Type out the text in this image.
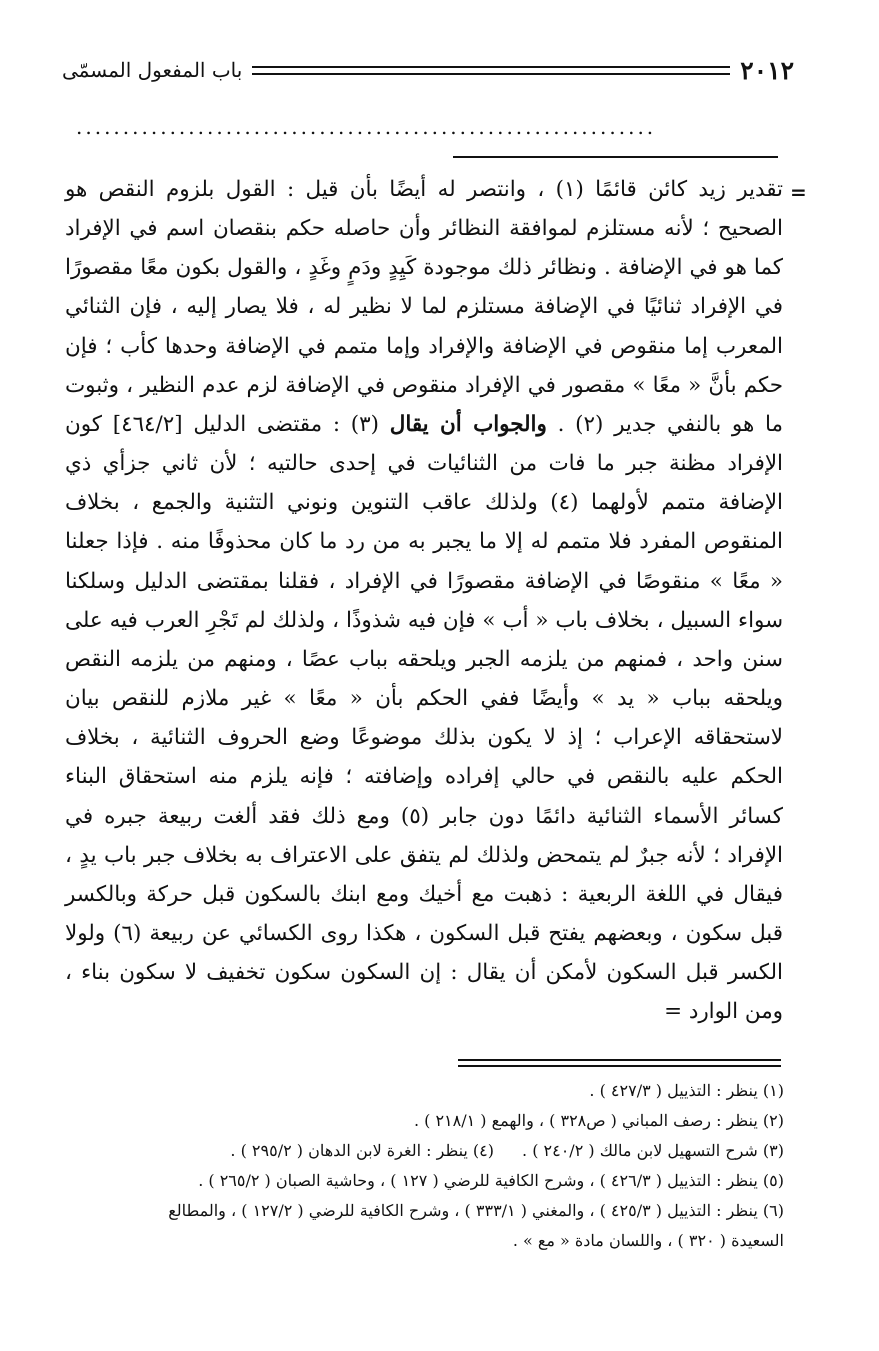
٢٠١٢
باب المفعول المسمّى
..............................................................
=

تقدير زيد كائن قائمًا (١) ، وانتصر له أيضًا بأن قيل : القول بلزوم النقص هو الصحيح ؛ لأنه مستلزم لموافقة النظائر وأن حاصله حكم بنقصان اسم في الإفراد كما هو في الإضافة . ونظائر ذلك موجودة كَيِدٍ ودَمٍ وغَدٍ ، والقول بكون معًا مقصورًا في الإفراد ثنائيًا في الإضافة مستلزم لما لا نظير له ، فلا يصار إليه ، فإن الثنائي المعرب إما منقوص في الإضافة والإفراد وإما متمم في الإضافة وحدها كأب ؛ فإن حكم بأنَّ « معًا » مقصور في الإفراد منقوص في الإضافة لزم عدم النظير ، وثبوت ما هو بالنفي جدير (٢) . والجواب أن يقال (٣) : مقتضى الدليل [٤٦٤/٢] كون الإفراد مظنة جبر ما فات من الثنائيات في إحدى حالتيه ؛ لأن ثاني جزأي ذي الإضافة متمم لأولهما (٤) ولذلك عاقب التنوين ونوني التثنية والجمع ، بخلاف المنقوص المفرد فلا متمم له إلا ما يجبر به من رد ما كان محذوفًا منه . فإذا جعلنا « معًا » منقوصًا في الإضافة مقصورًا في الإفراد ، فقلنا بمقتضى الدليل وسلكنا سواء السبيل ، بخلاف باب « أب » فإن فيه شذوذًا ، ولذلك لم تَجْرِ العرب فيه على سنن واحد ، فمنهم من يلزمه الجبر ويلحقه بباب عصًا ، ومنهم من يلزمه النقص ويلحقه بباب « يد » وأيضًا ففي الحكم بأن « معًا » غير ملازم للنقص بيان لاستحقاقه الإعراب ؛ إذ لا يكون بذلك موضوعًا وضع الحروف الثنائية ، بخلاف الحكم عليه بالنقص في حالي إفراده وإضافته ؛ فإنه يلزم منه استحقاق البناء كسائر الأسماء الثنائية دائمًا دون جابر (٥) ومع ذلك فقد ألغت ربيعة جبره في الإفراد ؛ لأنه جبرٌ لم يتمحض ولذلك لم يتفق على الاعتراف به بخلاف جبر باب يدٍ ، فيقال في اللغة الربعية : ذهبت مع أخيك ومع ابنك بالسكون قبل حركة وبالكسر قبل سكون ، وبعضهم يفتح قبل السكون ، هكذا روى الكسائي عن ربيعة (٦) ولولا الكسر قبل السكون لأمكن أن يقال : إن السكون سكون تخفيف لا سكون بناء ، ومن الوارد =

(١) ينظر : التذييل ( ٤٢٧/٣ ) .
(٢) ينظر : رصف المباني ( ص٣٢٨ ) ، والهمع ( ٢١٨/١ ) .
(٣) شرح التسهيل لابن مالك ( ٢٤٠/٢ ) .(٤) ينظر : الغرة لابن الدهان ( ٢٩٥/٢ ) .
(٥) ينظر : التذييل ( ٤٢٦/٣ ) ، وشرح الكافية للرضي ( ١٢٧ ) ، وحاشية الصبان ( ٢٦٥/٢ ) .
(٦) ينظر : التذييل ( ٤٢٥/٣ ) ، والمغني ( ٣٣٣/١ ) ، وشرح الكافية للرضي ( ١٢٧/٢ ) ، والمطالع
السعيدة ( ٣٢٠ ) ، واللسان مادة « مع » .
